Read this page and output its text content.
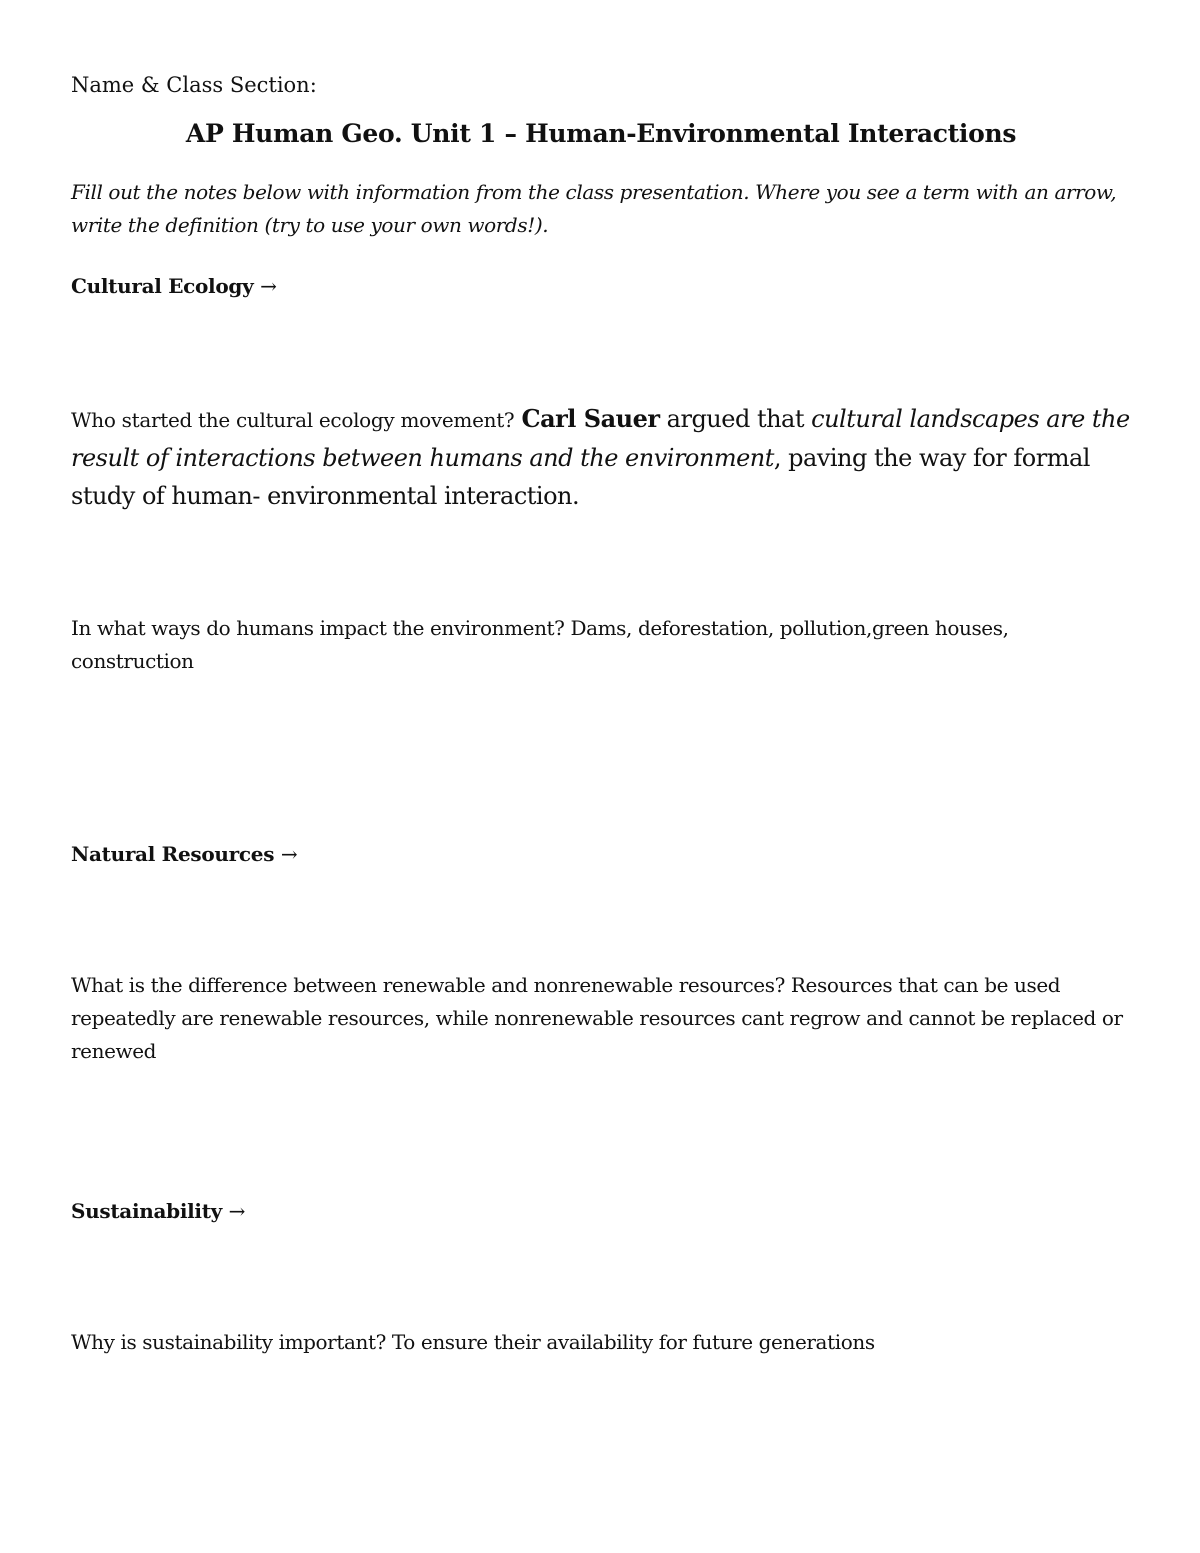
Name & Class Section:

AP Human Geo. Unit 1 – Human-Environmental Interactions

Fill out the notes below with information from the class presentation. Where you see a term with an arrow, write the definition (try to use your own words!).

Cultural Ecology →

Who started the cultural ecology movement? Carl Sauer argued that cultural landscapes are the result of interactions between humans and the environment, paving the way for formal study of human- environmental interaction.

In what ways do humans impact the environment? Dams, deforestation, pollution,green houses, construction

Natural Resources →

What is the difference between renewable and nonrenewable resources? Resources that can be used repeatedly are renewable resources, while nonrenewable resources cant regrow and cannot be replaced or renewed

Sustainability →

Why is sustainability important? To ensure their availability for future generations
